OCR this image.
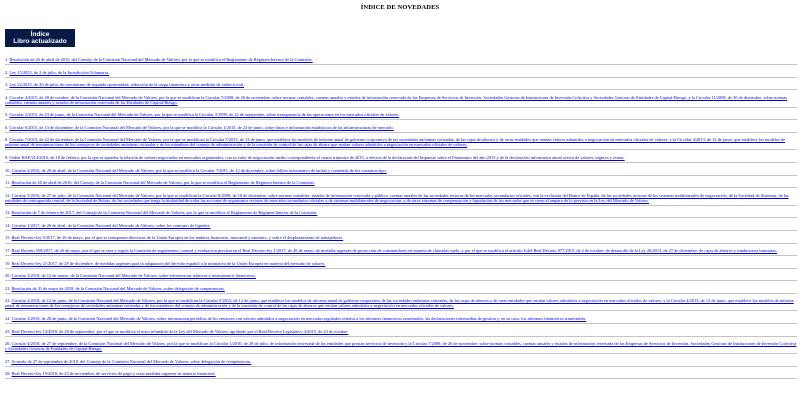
ÍNDICE DE NOVEDADES
Índice
Libro actualizado
1. Resolución de 26 de abril de 2015, del Consejo de la Comisión Nacional del Mercado de Valores, por la que se modifica el Reglamento de Régimen Interior de la Comisión.
2. Ley 15/2015, de 2 de julio, de la Jurisdicción Voluntaria.
3. Ley 22/2015, de 20 de julio, de mecanismo de segunda oportunidad, reducción de la carga financiera y otras medidas de orden social.
4. Circular 4/2015, de 28 de octubre, de la Comisión Nacional del Mercado de Valores, por la que se modifican la Circular 7/2008, de 26 de noviembre, sobre normas contables, cuentas anuales y estados de información reservada de las Empresas de Servicios de Inversión, Sociedades Gestoras de Instituciones de Inversión Colectiva y Sociedades Gestoras de Entidades de Capital-Riesgo, y la Circular 11/2008, de 30 de diciembre, sobre normas contables, cuentas anuales y estados de información reservada de las Entidades de Capital-Riesgo.
5. Circular 2/2015, de 23 de junio, de la Comisión Nacional del Mercado de Valores, por la que se modifica la Circular 3/1999, de 22 de septiembre, sobre transparencia de las operaciones en los mercados oficiales de valores.
6. Circular 6/2015, de 13 de diciembre, de la Comisión Nacional del Mercado de Valores, por la que se modifica la Circular 1/2015, de 23 de junio, sobre datos e información estadísticos de las infraestructuras de mercado.
8. Circular 7/2015, de 22 de diciembre, de la Comisión Nacional del Mercado de Valores, por la que se modifican la Circular 5/2013, de 12 de junio, que establece los modelos de informe anual de gobierno corporativo de las sociedades anónimas cotizadas, de las cajas de ahorros y de otras entidades que emitan valores admitidos a negociación en mercados oficiales de valores; y la Circular 4/2013, de 12 de junio, que establece los modelos de informe anual de remuneraciones de los consejeros de sociedades anónimas cotizadas y de los miembros del consejo de administración y de la comisión de control de las cajas de ahorro que emitan valores admitidos a negociación en mercados oficiales de valores.
9. Orden HAP/214/2016, de 18 de febrero, por la que se aprueba la relación de valores negociados en mercados organizados, con su valor de negociación medio correspondiente al cuarto trimestre de 2015, a efectos de la declaración del Impuesto sobre el Patrimonio del año 2015 y de la declaración informativa anual acerca de valores, seguros y rentas.
10. Circular 3/2016, de 20 de abril, de la Comisión Nacional del Mercado de Valores, por la que se modifica la Circular 7/2011, de 12 de diciembre, sobre folleto informativo de tarifas y contenido de los contratos-tipo.
11. Resolución de 20 de abril de 2016, del Consejo de la Comisión Nacional del Mercado de Valores, por la que se modifica el Reglamento de Régimen Interior de la Comisión.
12. Circular 5/2016, de 27 de julio, de la Comisión Nacional del Mercado de Valores, por la que se modifican la Circular 8/2008, de 10 de diciembre, sobre normas contables, estados de información reservada y pública, cuentas anuales de las sociedades rectoras de los mercados secundarios oficiales, con la exclusión del Banco de España, de las sociedades rectoras de los sistemas multilaterales de negociación, de la Sociedad de Sistemas, de las entidades de contrapartida central, de la Sociedad de Bolsas, de las sociedades que tenga la titularidad de todas las acciones de organismos rectores de mercados secundarios oficiales y de sistemas multilaterales de negociación, y de otros sistemas de compensación y liquidación de los mercados que se creen al amparo de lo previsto en la Ley del Mercado de Valores.
13. Resolución de 7 de febrero de 2017, del Consejo de la Comisión Nacional del Mercado de Valores, por la que se modifica el Reglamento de Régimen Interior de la Comisión.
14. Circular 1/2017, de 26 de abril, de la Comisión Nacional del Mercado de Valores, sobre los contratos de liquidez.
15. Real Decreto-ley 9/2017, de 26 de mayo, por el que se transponen directivas de la Unión Europea en los ámbitos financiero, mercantil y sanitario, y sobre el desplazamiento de trabajadores.
17. Real Decreto 558/2017, de 26 de mayo, por el que se crea y regula la Comisión de seguimiento, control y evaluación prevista en el Real Decreto-ley 1/2017, de 20 de enero, de medidas urgentes de protección de consumidores en materia de cláusulas suelo, y por el que se modifica el artículo 6 del Real Decreto 877/2015, de 2 de octubre, de desarrollo de la Ley 26/2013, de 27 de diciembre, de cajas de ahorros y fundaciones bancarias.
19. Real Decreto-ley 21/2017, de 29 de diciembre, de medidas urgentes para la adaptación del derecho español a la normativa de la Unión Europea en materia del mercado de valores.
20. Circular 3/2018, de 12 de marzo, de la Comisión Nacional del Mercado de Valores, sobre advertencias relativas a instrumentos financieros.
21. Resolución de 31 de mayo de 2018, de la Comisión Nacional del Mercado de Valores, sobre delegación de competencias.
23. Circular 2/2018, de 12 de junio, de la Comisión Nacional del Mercado de Valores, por la que se modifican la Circular 5/2013, de 12 de junio, que establece los modelos de informe anual de gobierno corporativo de las sociedades anónimas cotizadas, de las cajas de ahorros y de otras entidades que emitan valores admitidos a negociación en mercados oficiales de valores; y la Circular 4/2013, de 12 de junio, que establece los modelos de informe anual de remuneraciones de los consejeros de sociedades anónimas cotizadas y de los miembros del consejo de administración y de la comisión de control de las cajas de ahorros que emitan valores admitidos a negociación en mercados oficiales de valores.
24. Circular 3/2018, de 28 de junio, de la Comisión Nacional del Mercado de Valores, sobre información periódica de los emisores con valores admitidos a negociación en mercados regulados relativa a los informes financieros semestrales, las declaraciones intermedias de gestión y, en su caso, los informes financieros trimestrales.
25. Real Decreto-ley 14/2018, de 28 de septiembre, por el que se modifica el texto refundido de la Ley del Mercado de Valores, aprobado por el Real Decreto Legislativo 4/2015, de 23 de octubre.
26. Circular 4/2018, de 27 de septiembre, de la Comisión Nacional del Mercado de Valores, por la que se modifican la Circular 1/2010, de 28 de julio, de información reservada de las entidades que prestan servicios de inversión y la Circular 7/2008, de 26 de noviembre, sobre normas contables, cuentas anuales y estados de información reservada de las Empresas de Servicios de Inversión, Sociedades Gestoras de Instituciones de Inversión Colectiva y Sociedades Gestoras de Entidades de Capital-Riesgo.
27. Acuerdo de 27 de septiembre de 2018, del Consejo de la Comisión Nacional del Mercado de Valores, sobre delegación de competencias.
28. Real Decreto-ley 19/2018, de 23 de noviembre, de servicios de pago y otras medidas urgentes en materia financiera.
